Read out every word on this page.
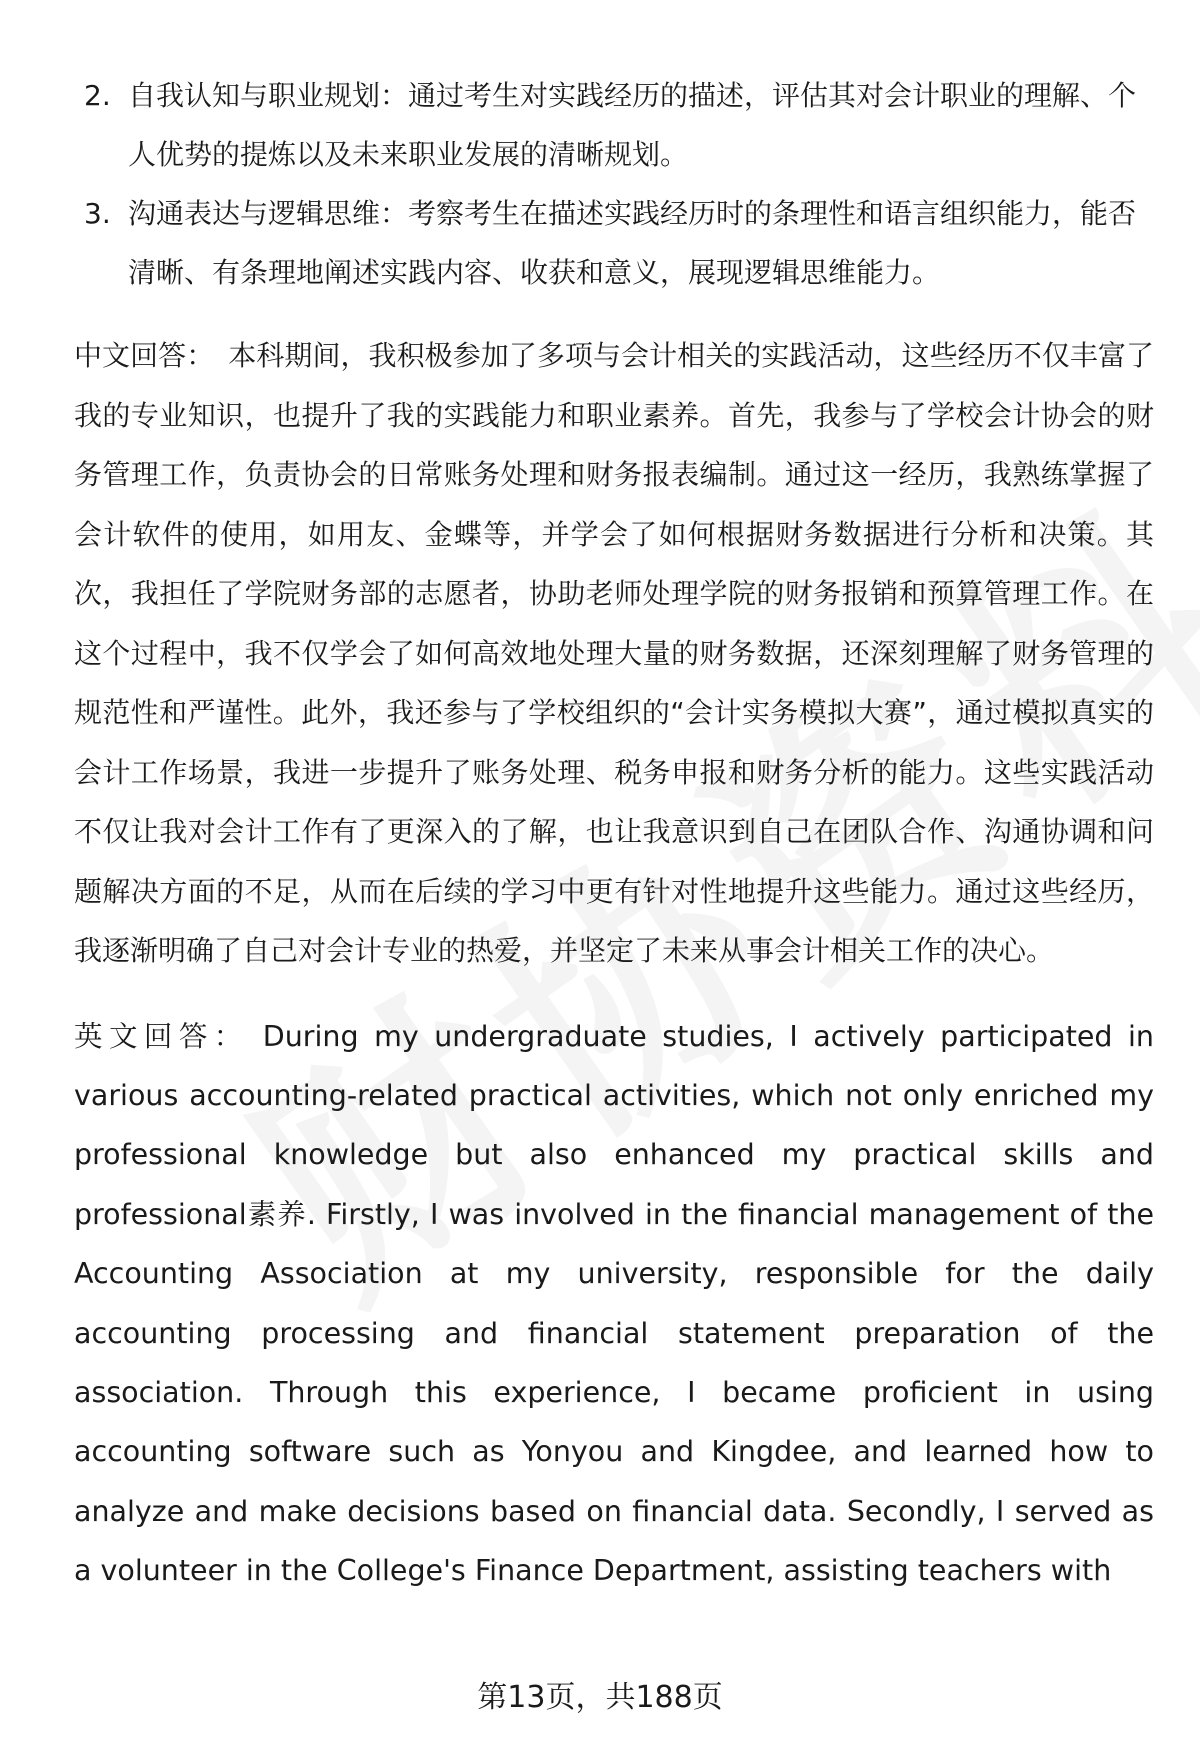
2. 自我认知与职业规划：通过考生对实践经历的描述，评估其对会计职业的理解、个人优势的提炼以及未来职业发展的清晰规划。
3. 沟通表达与逻辑思维：考察考生在描述实践经历时的条理性和语言组织能力，能否清晰、有条理地阐述实践内容、收获和意义，展现逻辑思维能力。

中文回答： 本科期间，我积极参加了多项与会计相关的实践活动，这些经历不仅丰富了我的专业知识，也提升了我的实践能力和职业素养。首先，我参与了学校会计协会的财务管理工作，负责协会的日常账务处理和财务报表编制。通过这一经历，我熟练掌握了会计软件的使用，如用友、金蝶等，并学会了如何根据财务数据进行分析和决策。其次，我担任了学院财务部的志愿者，协助老师处理学院的财务报销和预算管理工作。在这个过程中，我不仅学会了如何高效地处理大量的财务数据，还深刻理解了财务管理的规范性和严谨性。此外，我还参与了学校组织的“会计实务模拟大赛”，通过模拟真实的会计工作场景，我进一步提升了账务处理、税务申报和财务分析的能力。这些实践活动不仅让我对会计工作有了更深入的了解，也让我意识到自己在团队合作、沟通协调和问题解决方面的不足，从而在后续的学习中更有针对性地提升这些能力。通过这些经历，我逐渐明确了自己对会计专业的热爱，并坚定了未来从事会计相关工作的决心。

英文回答： During my undergraduate studies, I actively participated in various accounting-related practical activities, which not only enriched my professional knowledge but also enhanced my practical skills and professional素养. Firstly, I was involved in the financial management of the Accounting Association at my university, responsible for the daily accounting processing and financial statement preparation of the association. Through this experience, I became proficient in using accounting software such as Yonyou and Kingdee, and learned how to analyze and make decisions based on financial data. Secondly, I served as a volunteer in the College's Finance Department, assisting teachers with

第13页，共188页
